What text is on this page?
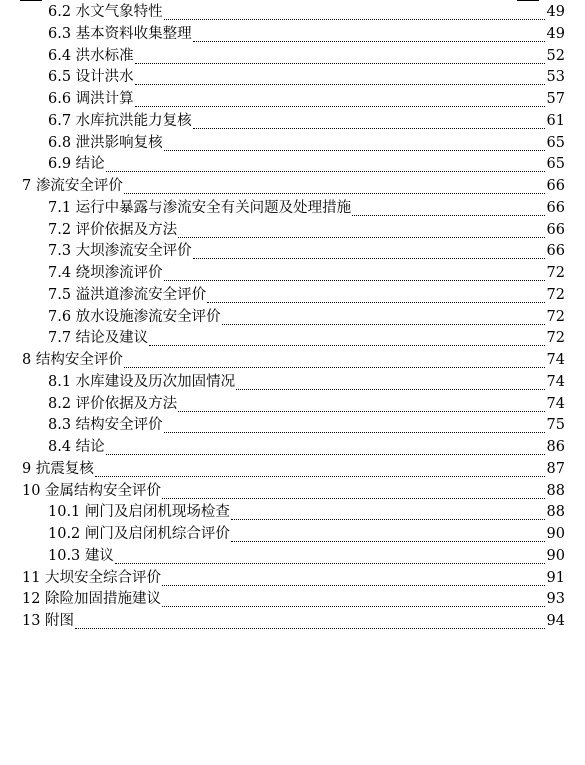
6.2 水文气象特性	49
6.3 基本资料收集整理	49
6.4 洪水标准	52
6.5 设计洪水	53
6.6 调洪计算	57
6.7 水库抗洪能力复核	61
6.8 泄洪影响复核	65
6.9 结论	65
7 渗流安全评价	66
7.1 运行中暴露与渗流安全有关问题及处理措施	66
7.2 评价依据及方法	66
7.3 大坝渗流安全评价	66
7.4 绕坝渗流评价	72
7.5 溢洪道渗流安全评价	72
7.6 放水设施渗流安全评价	72
7.7 结论及建议	72
8 结构安全评价	74
8.1 水库建设及历次加固情况	74
8.2 评价依据及方法	74
8.3 结构安全评价	75
8.4 结论	86
9 抗震复核	87
10 金属结构安全评价	88
10.1 闸门及启闭机现场检查	88
10.2 闸门及启闭机综合评价	90
10.3 建议	90
11 大坝安全综合评价	91
12 除险加固措施建议	93
13 附图	94
